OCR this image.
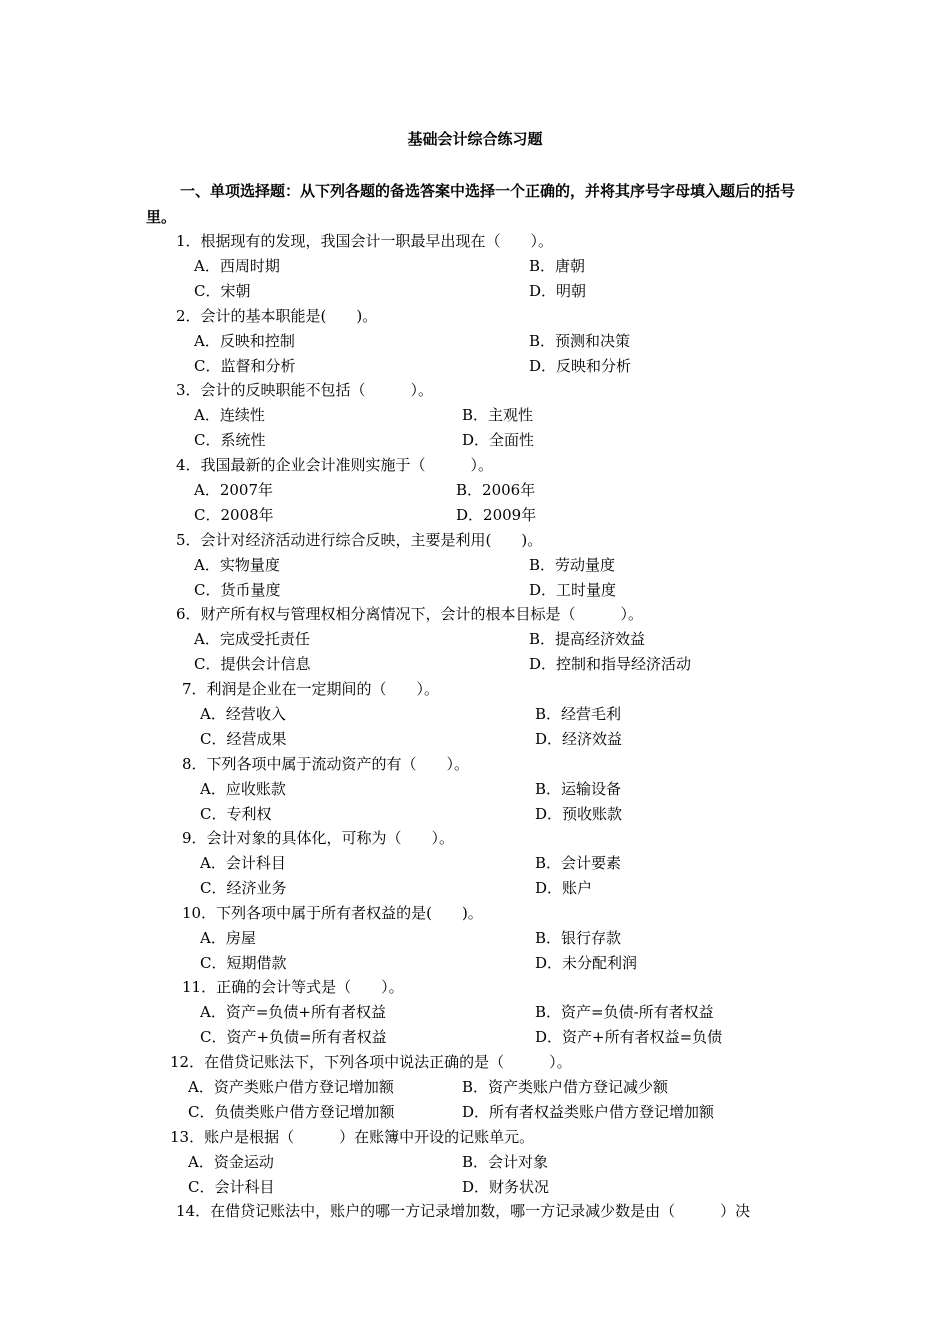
基础会计综合练习题
一、单项选择题：从下列各题的备选答案中选择一个正确的，并将其序号字母填入题后的括号里。
1．根据现有的发现，我国会计一职最早出现在（　　）。
A．西周时期	B．唐朝
C．宋朝	D．明朝
2．会计的基本职能是(　　)。
A．反映和控制	B．预测和决策
C．监督和分析	D．反映和分析
3．会计的反映职能不包括（　　　）。
A．连续性	B．主观性
C．系统性	D．全面性
4．我国最新的企业会计准则实施于（　　　）。
A．2007年	B．2006年
C．2008年	D．2009年
5．会计对经济活动进行综合反映，主要是利用(　　)。
A．实物量度	B．劳动量度
C．货币量度	D．工时量度
6．财产所有权与管理权相分离情况下，会计的根本目标是（　　　）。
A．完成受托责任	B．提高经济效益
C．提供会计信息	D．控制和指导经济活动
7．利润是企业在一定期间的（　　）。
A．经营收入	B．经营毛利
C．经营成果	D．经济效益
8．下列各项中属于流动资产的有（　　）。
A．应收账款	B．运输设备
C．专利权	D．预收账款
9．会计对象的具体化，可称为（　　）。
A．会计科目	B．会计要素
C．经济业务	D．账户
10．下列各项中属于所有者权益的是(　　)。
A．房屋	B．银行存款
C．短期借款	D．未分配利润
11．正确的会计等式是（　　）。
A．资产=负债+所有者权益	B．资产=负债-所有者权益
C．资产+负债=所有者权益	D．资产+所有者权益=负债
12．在借贷记账法下，下列各项中说法正确的是（　　　）。
A．资产类账户借方登记增加额	B．资产类账户借方登记减少额
C．负债类账户借方登记增加额	D．所有者权益类账户借方登记增加额
13．账户是根据（　　　）在账簿中开设的记账单元。
A．资金运动	B．会计对象
C．会计科目	D．财务状况
14．在借贷记账法中，账户的哪一方记录增加数，哪一方记录减少数是由（　　　）决
